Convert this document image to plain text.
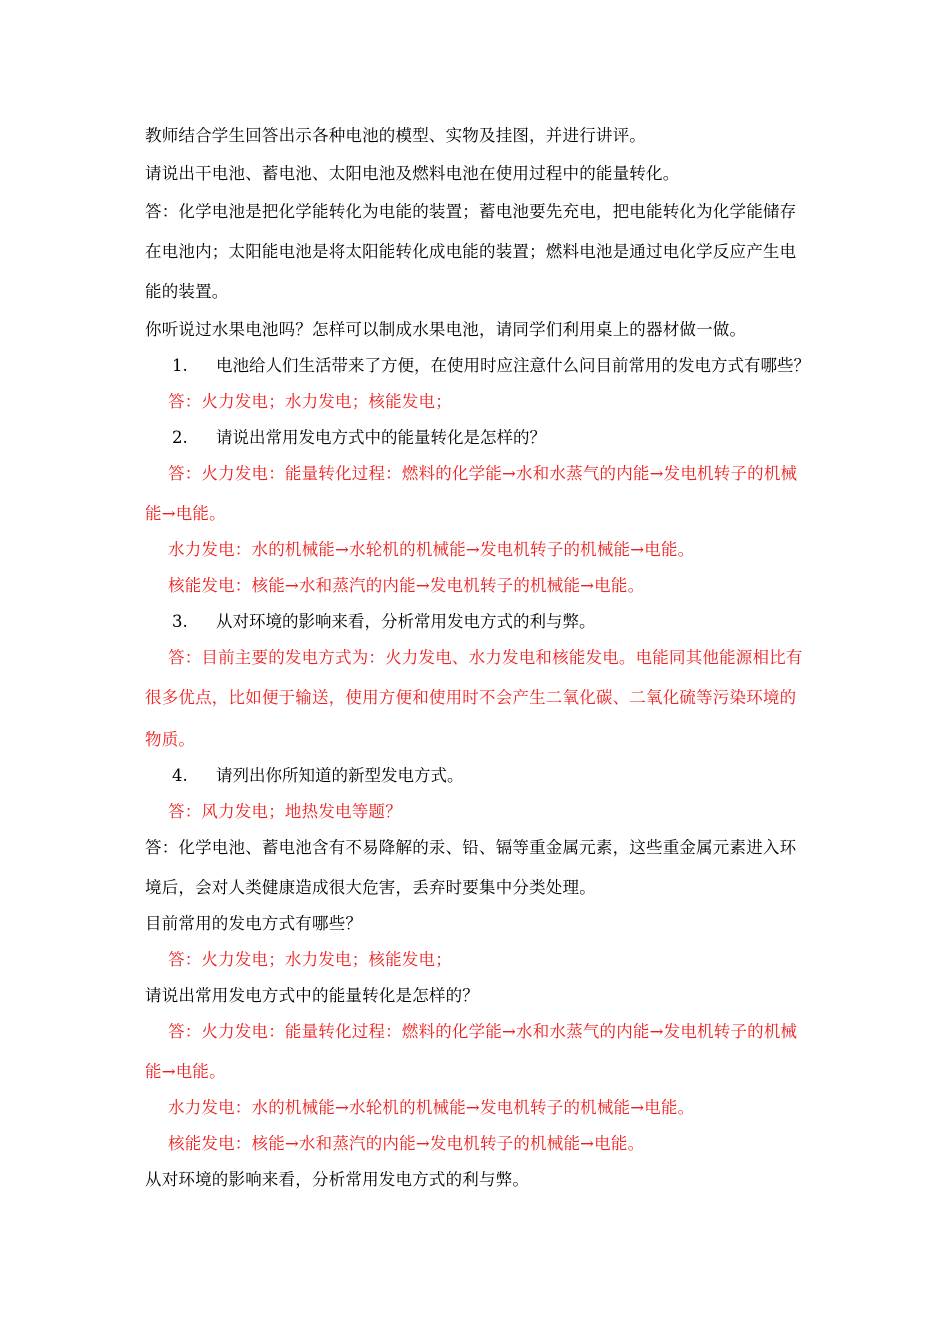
教师结合学生回答出示各种电池的模型、实物及挂图，并进行讲评。

请说出干电池、蓄电池、太阳电池及燃料电池在使用过程中的能量转化。

答：化学电池是把化学能转化为电能的装置；蓄电池要先充电，把电能转化为化学能储存

在电池内；太阳能电池是将太阳能转化成电能的装置；燃料电池是通过电化学反应产生电

能的装置。

你听说过水果电池吗？怎样可以制成水果电池，请同学们利用桌上的器材做一做。

1. 电池给人们生活带来了方便，在使用时应注意什么问目前常用的发电方式有哪些？

答：火力发电；水力发电；核能发电；

2. 请说出常用发电方式中的能量转化是怎样的？

答：火力发电：能量转化过程：燃料的化学能→水和水蒸气的内能→发电机转子的机械

能→电能。

水力发电：水的机械能→水轮机的机械能→发电机转子的机械能→电能。

核能发电：核能→水和蒸汽的内能→发电机转子的机械能→电能。

3. 从对环境的影响来看，分析常用发电方式的利与弊。

答：目前主要的发电方式为：火力发电、水力发电和核能发电。电能同其他能源相比有

很多优点，比如便于输送，使用方便和使用时不会产生二氧化碳、二氧化硫等污染环境的

物质。

4. 请列出你所知道的新型发电方式。

答：风力发电；地热发电等题？

答：化学电池、蓄电池含有不易降解的汞、铅、镉等重金属元素，这些重金属元素进入环

境后，会对人类健康造成很大危害，丢弃时要集中分类处理。

目前常用的发电方式有哪些？

答：火力发电；水力发电；核能发电；

请说出常用发电方式中的能量转化是怎样的？

答：火力发电：能量转化过程：燃料的化学能→水和水蒸气的内能→发电机转子的机械

能→电能。

水力发电：水的机械能→水轮机的机械能→发电机转子的机械能→电能。

核能发电：核能→水和蒸汽的内能→发电机转子的机械能→电能。

从对环境的影响来看，分析常用发电方式的利与弊。
